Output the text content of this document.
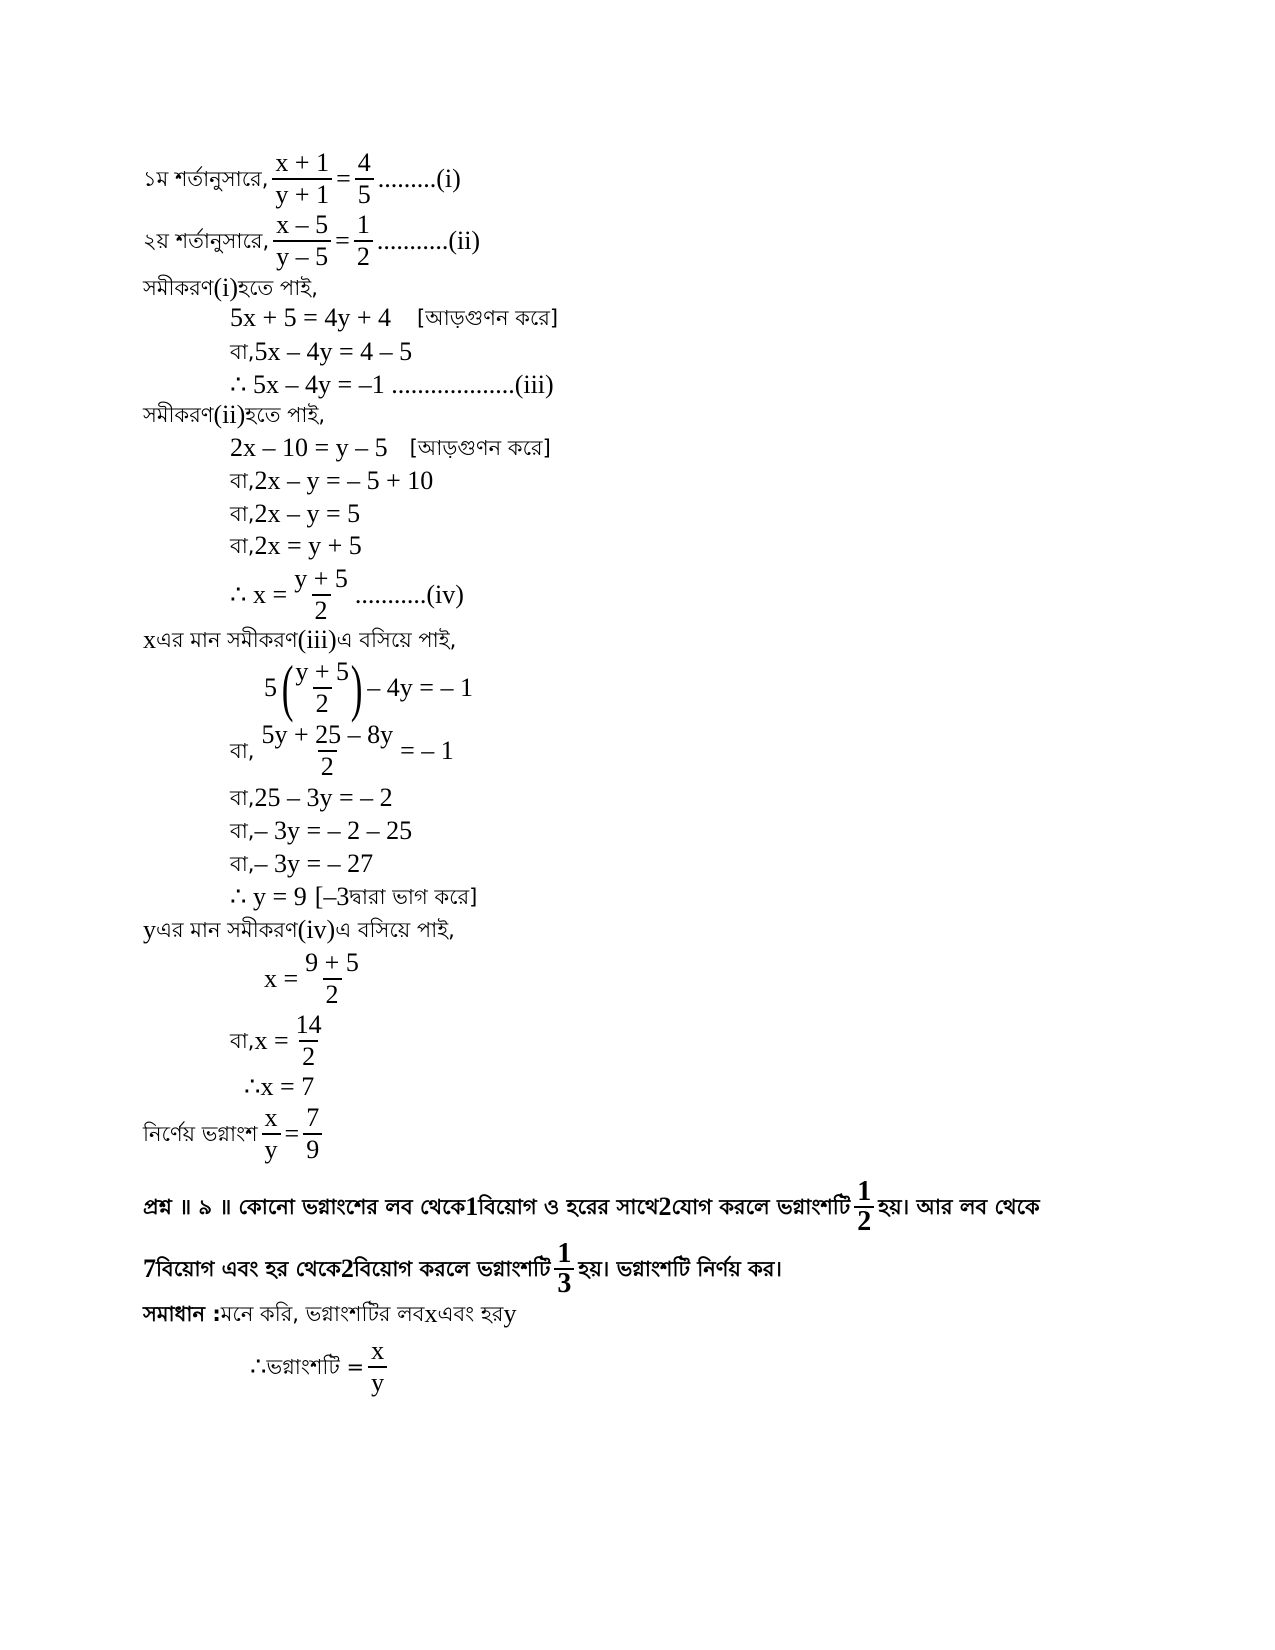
১ম শর্তানুসারে, $\frac{x + 1}{y + 1} = \frac{4}{5} .........(i)$
২য় শর্তানুসারে, $\frac{x - 5}{y - 5} = \frac{1}{2} ...........(ii)$
সমীকরণ (i) হতে পাই,
5x + 5 = 4y + 4 [আড়গুণন করে]
বা, 5x – 4y = 4 – 5
∴ 5x – 4y = –1 ...................(iii)
সমীকরণ (ii) হতে পাই,
2x – 10 = y – 5 [আড়গুণন করে]
বা, 2x – y = – 5 + 10
বা, 2x – y = 5
বা, 2x = y + 5
∴ $x = \frac{y + 5}{2} ...........(iv)$
x এর মান সমীকরণ (iii) এ বসিয়ে পাই,
5 (
$\frac{y + 5}{2}$
) – 4y = – 1
বা, $\frac{5y + 25 - 8y}{2}$ = – 1
বা, 25 – 3y = – 2
বা, – 3y = – 2 – 25
বা, – 3y = – 27
∴ y = 9 [–3 দ্বারা ভাগ করে]
y এর মান সমীকরণ (iv) এ বসিয়ে পাই,
$x = \frac{9 + 5}{2}$
বা, $x = \frac{14}{2}$
∴x = 7
নির্ণেয় ভগ্নাংশ $\frac{x}{y} = \frac{7}{9}$
প্রশ্ন ॥ ৯ ॥ কোনো ভগ্নাংশের লব থেকে 1 বিয়োগ ও হরের সাথে 2 যোগ করলে ভগ্নাংশটি $\frac{1}{2}$ হয়। আর লব থেকে
7 বিয়োগ এবং হর থেকে 2 বিয়োগ করলে ভগ্নাংশটি $\frac{1}{3}$ হয়। ভগ্নাংশটি নির্ণয় কর।
সমাধান : মনে করি, ভগ্নাংশটির লব x এবং হর y
∴ ভগ্নাংশটি = $\frac{x}{y}$
